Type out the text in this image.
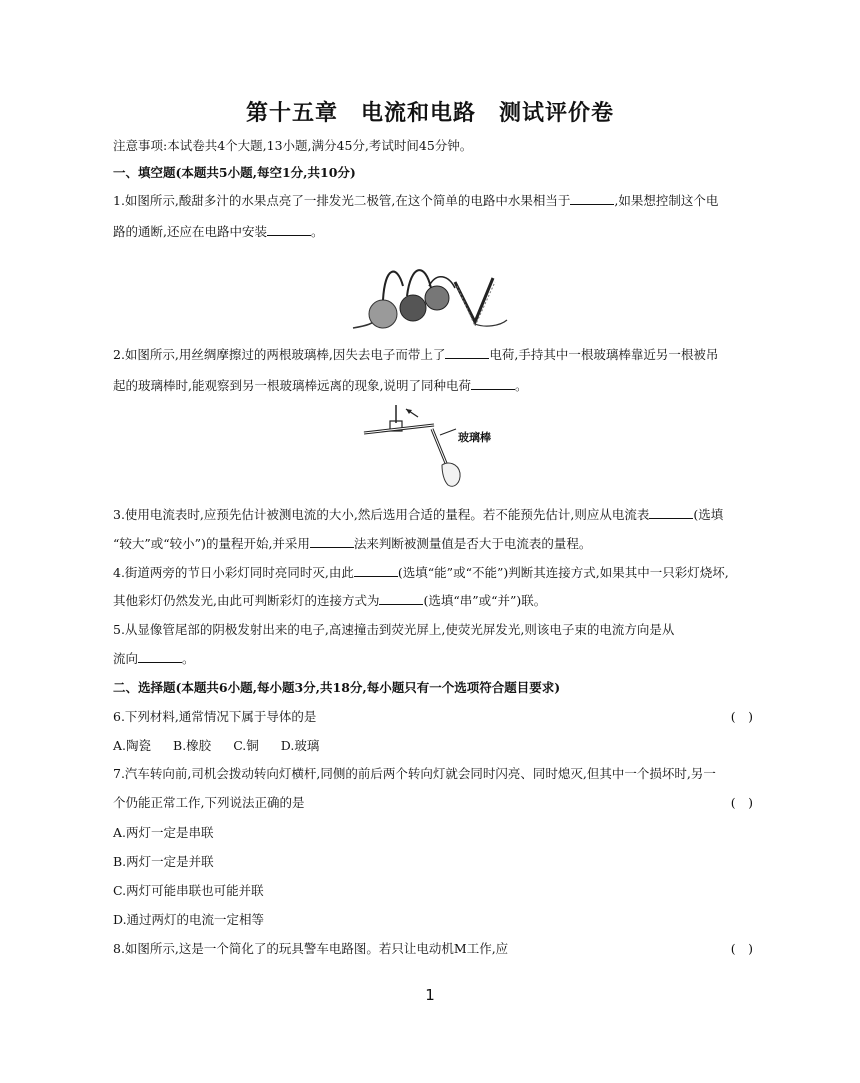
第十五章　电流和电路　测试评价卷
注意事项:本试卷共4个大题,13小题,满分45分,考试时间45分钟。
一、填空题(本题共5小题,每空1分,共10分)
1.如图所示,酸甜多汁的水果点亮了一排发光二极管,在这个简单的电路中水果相当于	,如果想控制这个电
路的通断,还应在电路中安装	。
2.如图所示,用丝绸摩擦过的两根玻璃棒,因失去电子而带上了	电荷,手持其中一根玻璃棒靠近另一根被吊
起的玻璃棒时,能观察到另一根玻璃棒远离的现象,说明了同种电荷	。
玻璃棒
3.使用电流表时,应预先估计被测电流的大小,然后选用合适的量程。若不能预先估计,则应从电流表	(选填
“较大”或“较小”)的量程开始,并采用	法来判断被测量值是否大于电流表的量程。
4.街道两旁的节日小彩灯同时亮同时灭,由此	(选填“能”或“不能”)判断其连接方式,如果其中一只彩灯烧坏,
其他彩灯仍然发光,由此可判断彩灯的连接方式为	(选填“串”或“并”)联。
5.从显像管尾部的阴极发射出来的电子,高速撞击到荧光屏上,使荧光屏发光,则该电子束的电流方向是从
流向	。
二、选择题(本题共6小题,每小题3分,共18分,每小题只有一个选项符合题目要求)
6.下列材料,通常情况下属于导体的是	(　)
A.陶瓷 B.橡胶 C.铜 D.玻璃
7.汽车转向前,司机会拨动转向灯横杆,同侧的前后两个转向灯就会同时闪亮、同时熄灭,但其中一个损坏时,另一
个仍能正常工作,下列说法正确的是	(　)
A.两灯一定是串联
B.两灯一定是并联
C.两灯可能串联也可能并联
D.通过两灯的电流一定相等
8.如图所示,这是一个简化了的玩具警车电路图。若只让电动机M工作,应	(　)
1
